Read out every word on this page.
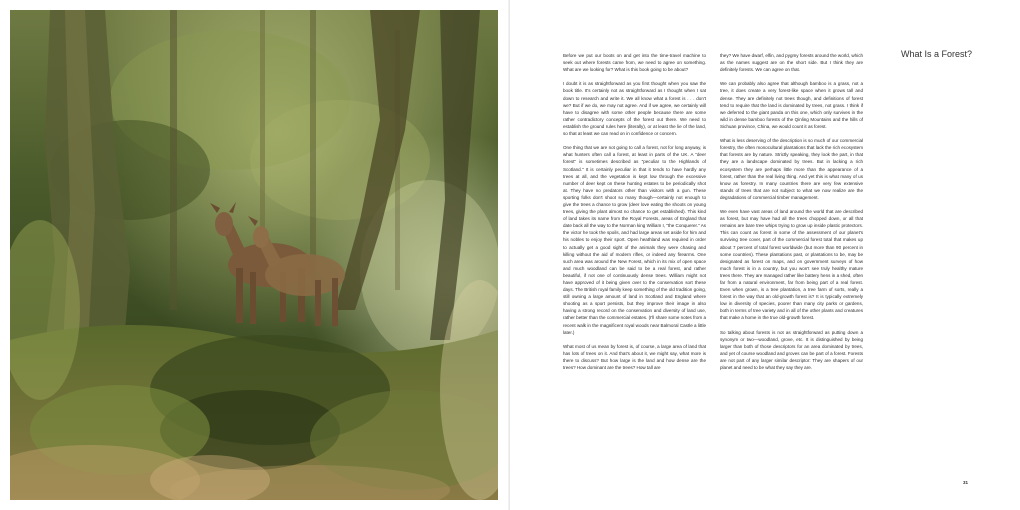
Before we put our boots on and get into the time-travel machine to seek out where forests came from, we need to agree on something. What are we looking for? What is this book going to be about?

I doubt it is as straightforward as you first thought when you saw the book title. It's certainly not as straightforward as I thought when I sat down to research and write it. We all know what a forest is . . . don't we? But if we do, we may not agree. And if we agree, we certainly will have to disagree with some other people because there are some rather contradictory concepts of the forest out there. We need to establish the ground rules here (literally), or at least the lie of the land, so that at least we can read on in confidence or concern.

One thing that we are not going to call a forest, not for long anyway, is what hunters often call a forest, at least in parts of the UK. A "deer forest" is sometimes described as "peculiar to the Highlands of Scotland." It is certainly peculiar in that it tends to have hardly any trees at all, and the vegetation is kept low through the excessive number of deer kept on these hunting estates to be periodically shot at. They have no predators other than visitors with a gun. These sporting folks don't shoot so many though—certainly not enough to give the trees a chance to grow (deer love eating the shoots on young trees, giving the plant almost no chance to get established). This kind of land takes its name from the Royal Forests, areas of England that date back all the way to the Norman king William I, "the Conquerer." As the victor he took the spoils, and had large areas set aside for him and his nobles to enjoy their sport. Open heathland was required in order to actually get a good sight of the animals they were chasing and killing without the aid of modern rifles, or indeed any firearms. One such area was around the New Forest, which in its mix of open space and much woodland can be said to be a real forest, and rather beautiful, if not one of continuously dense trees. William might not have approved of it being given over to the conservation sort these days. The British royal family keep something of the old tradition going, still owning a large amount of land in Scotland and England where shooting as a sport persists, but they improve their image in also having a strong record on the conservation and diversity of land use, rather better than the commercial estates. (I'll share some notes from a recent walk in the magnificent royal woods near Balmoral Castle a little later.)

What most of us mean by forest is, of course, a large area of land that has lots of trees on it. And that's about it, we might say, what more is there to discuss? But how large is the land and how dense are the trees? How dominant are the trees? How tall are

they? We have dwarf, elfin, and pygmy forests around the world, which as the names suggest are on the short side. But I think they are definitely forests. We can agree on that.

We can probably also agree that although bamboo is a grass, not a tree, it does create a very forest-like space when it grows tall and dense. They are definitely not trees though, and definitions of forest tend to require that the land is dominated by trees, not grass. I think if we deferred to the giant panda on this one, which only survives in the wild in dense bamboo forests of the Qinling Mountains and the hills of Sichuan province, China, we would count it as forest.

What is less deserving of the description is so much of our commercial forestry, the often monocultural plantations that lack the rich ecosystem that forests are by nature. Strictly speaking, they look the part, in that they are a landscape dominated by trees. But in lacking a rich ecosystem they are perhaps little more than the appearance of a forest, rather than the real living thing. And yet this is what many of us know as forestry. In many countries there are very few extensive stands of trees that are not subject to what we now realize are the degradations of commercial timber management.

We even have vast areas of land around the world that are described as forest, but may have had all the trees chopped down, or all that remains are bare tree whips trying to grow up inside plastic protectors. This can count as forest in some of the assessment of our planet's surviving tree cover, part of the commercial forest total that makes up about 7 percent of total forest worldwide (but more than 90 percent in some countries). These plantations past, or plantations to be, may be designated as forest on maps, and on government surveys of how much forest is in a country, but you won't see truly healthy mature trees there. They are managed rather like battery hens in a shed, often far from a natural environment, far from being part of a real forest. Even when grown, is a tree plantation, a tree farm of sorts, really a forest in the way that an old-growth forest is? It is typically extremely low in diversity of species, poorer than many city parks or gardens, both in terms of tree variety and in all of the other plants and creatures that make a home in the true old-growth forest.

So talking about forests is not as straightforward as putting down a synonym or two—woodland, grove, etc. It is distinguished by being larger than both of those descriptors for an area dominated by trees, and yet of course woodland and groves can be part of a forest. Forests are not part of any larger similar descriptor: They are shapers of our planet and need to be what they say they are.

What Is a Forest?
31
